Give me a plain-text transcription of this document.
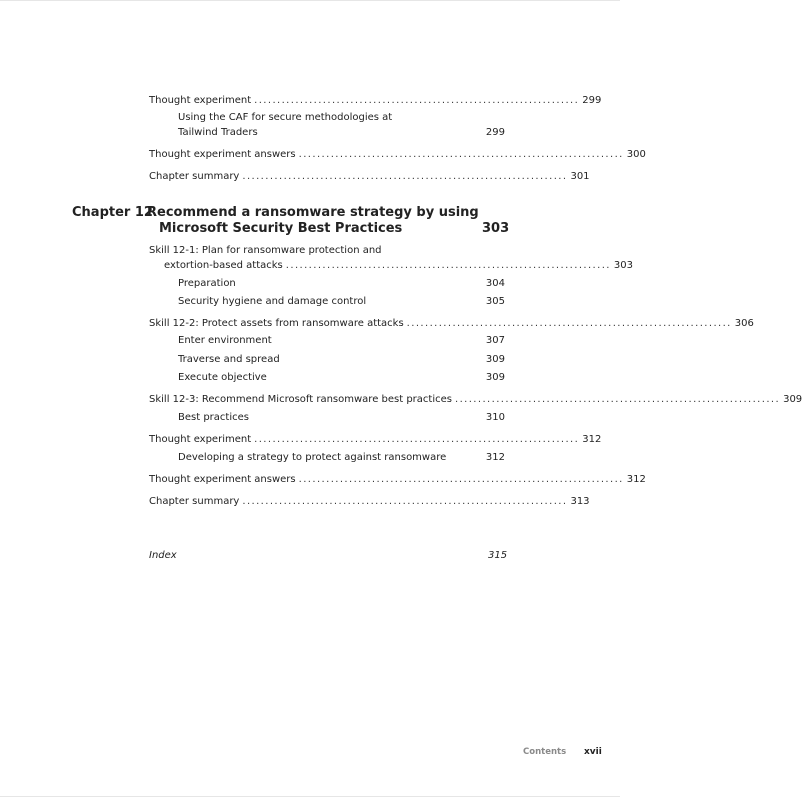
Thought experiment ....................................................................... 299
Using the CAF for secure methodologies at
Tailwind Traders	299
Thought experiment answers ....................................................................... 300
Chapter summary ....................................................................... 301
Chapter 12
Recommend a ransomware strategy by using
Microsoft Security Best Practices	303
Skill 12-1: Plan for ransomware protection and
extortion-based attacks ....................................................................... 303
Preparation	304
Security hygiene and damage control	305
Skill 12-2: Protect assets from ransomware attacks ....................................................................... 306
Enter environment	307
Traverse and spread	309
Execute objective	309
Skill 12-3: Recommend Microsoft ransomware best practices ....................................................................... 309
Best practices	310
Thought experiment ....................................................................... 312
Developing a strategy to protect against ransomware	312
Thought experiment answers ....................................................................... 312
Chapter summary ....................................................................... 313
Index	315
Contents xvii
